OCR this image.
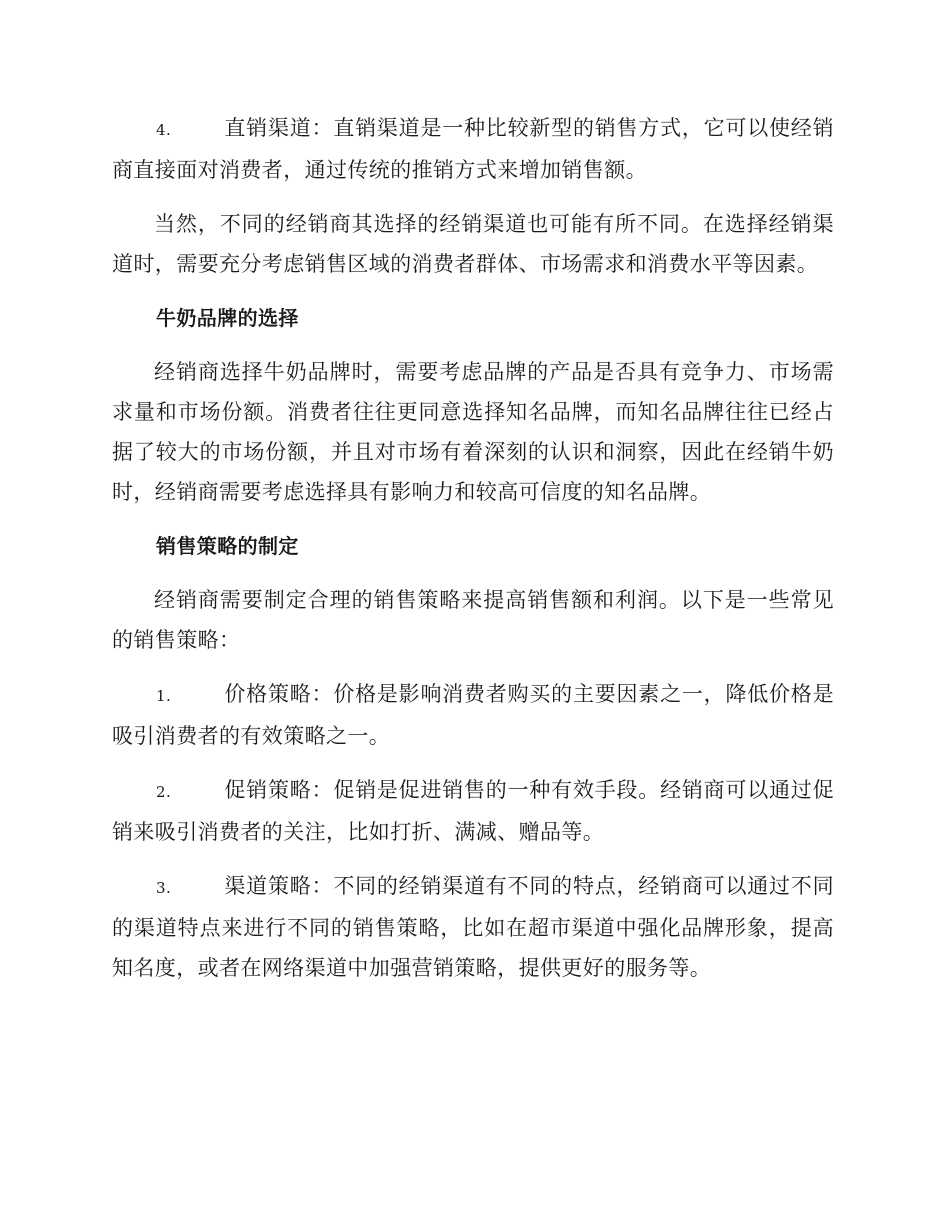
4.	直销渠道：直销渠道是一种比较新型的销售方式，它可以使经销商直接面对消费者，通过传统的推销方式来增加销售额。

当然，不同的经销商其选择的经销渠道也可能有所不同。在选择经销渠道时，需要充分考虑销售区域的消费者群体、市场需求和消费水平等因素。

牛奶品牌的选择

经销商选择牛奶品牌时，需要考虑品牌的产品是否具有竞争力、市场需求量和市场份额。消费者往往更同意选择知名品牌，而知名品牌往往已经占据了较大的市场份额，并且对市场有着深刻的认识和洞察，因此在经销牛奶时，经销商需要考虑选择具有影响力和较高可信度的知名品牌。

销售策略的制定

经销商需要制定合理的销售策略来提高销售额和利润。以下是一些常见的销售策略：

1.	价格策略：价格是影响消费者购买的主要因素之一，降低价格是吸引消费者的有效策略之一。

2.	促销策略：促销是促进销售的一种有效手段。经销商可以通过促销来吸引消费者的关注，比如打折、满减、赠品等。

3.	渠道策略：不同的经销渠道有不同的特点，经销商可以通过不同的渠道特点来进行不同的销售策略，比如在超市渠道中强化品牌形象，提高知名度，或者在网络渠道中加强营销策略，提供更好的服务等。
